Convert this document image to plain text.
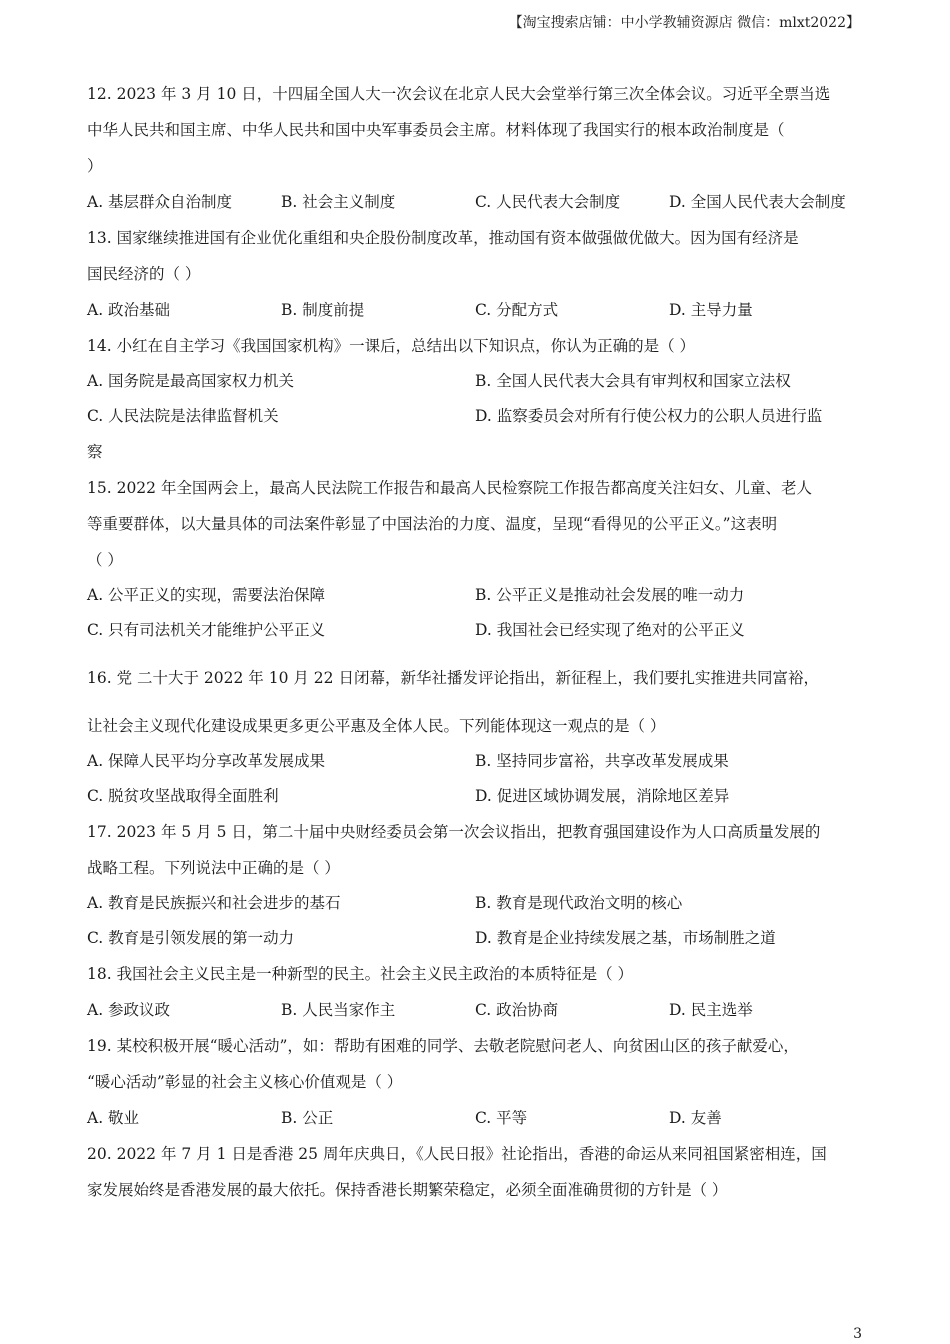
【淘宝搜索店铺：中小学教辅资源店 微信：mlxt2022】
12. 2023 年 3 月 10 日，十四届全国人大一次会议在北京人民大会堂举行第三次全体会议。习近平全票当选
中华人民共和国主席、中华人民共和国中央军事委员会主席。材料体现了我国实行的根本政治制度是（
）
A. 基层群众自治制度	B. 社会主义制度	C. 人民代表大会制度	D. 全国人民代表大会制度
13. 国家继续推进国有企业优化重组和央企股份制度改革，推动国有资本做强做优做大。因为国有经济是
国民经济的（ ）
A. 政治基础	B. 制度前提	C. 分配方式	D. 主导力量
14. 小红在自主学习《我国国家机构》一课后，总结出以下知识点，你认为正确的是（ ）
A. 国务院是最高国家权力机关	B. 全国人民代表大会具有审判权和国家立法权
C. 人民法院是法律监督机关	D. 监察委员会对所有行使公权力的公职人员进行监
察
15. 2022 年全国两会上，最高人民法院工作报告和最高人民检察院工作报告都高度关注妇女、儿童、老人
等重要群体，以大量具体的司法案件彰显了中国法治的力度、温度，呈现“看得见的公平正义。”这表明
（ ）
A. 公平正义的实现，需要法治保障	B. 公平正义是推动社会发展的唯一动力
C. 只有司法机关才能维护公平正义	D. 我国社会已经实现了绝对的公平正义
16. 党 二十大于 2022 年 10 月 22 日闭幕，新华社播发评论指出，新征程上，我们要扎实推进共同富裕，
让社会主义现代化建设成果更多更公平惠及全体人民。下列能体现这一观点的是（ ）
A. 保障人民平均分享改革发展成果	B. 坚持同步富裕，共享改革发展成果
C. 脱贫攻坚战取得全面胜利	D. 促进区域协调发展，消除地区差异
17. 2023 年 5 月 5 日，第二十届中央财经委员会第一次会议指出，把教育强国建设作为人口高质量发展的
战略工程。下列说法中正确的是（ ）
A. 教育是民族振兴和社会进步的基石	B. 教育是现代政治文明的核心
C. 教育是引领发展的第一动力	D. 教育是企业持续发展之基，市场制胜之道
18. 我国社会主义民主是一种新型的民主。社会主义民主政治的本质特征是（ ）
A. 参政议政	B. 人民当家作主	C. 政治协商	D. 民主选举
19. 某校积极开展“暖心活动”，如：帮助有困难的同学、去敬老院慰问老人、向贫困山区的孩子献爱心，
“暖心活动”彰显的社会主义核心价值观是（ ）
A. 敬业	B. 公正	C. 平等	D. 友善
20. 2022 年 7 月 1 日是香港 25 周年庆典日，《人民日报》社论指出，香港的命运从来同祖国紧密相连，国
家发展始终是香港发展的最大依托。保持香港长期繁荣稳定，必须全面准确贯彻的方针是（ ）
3
